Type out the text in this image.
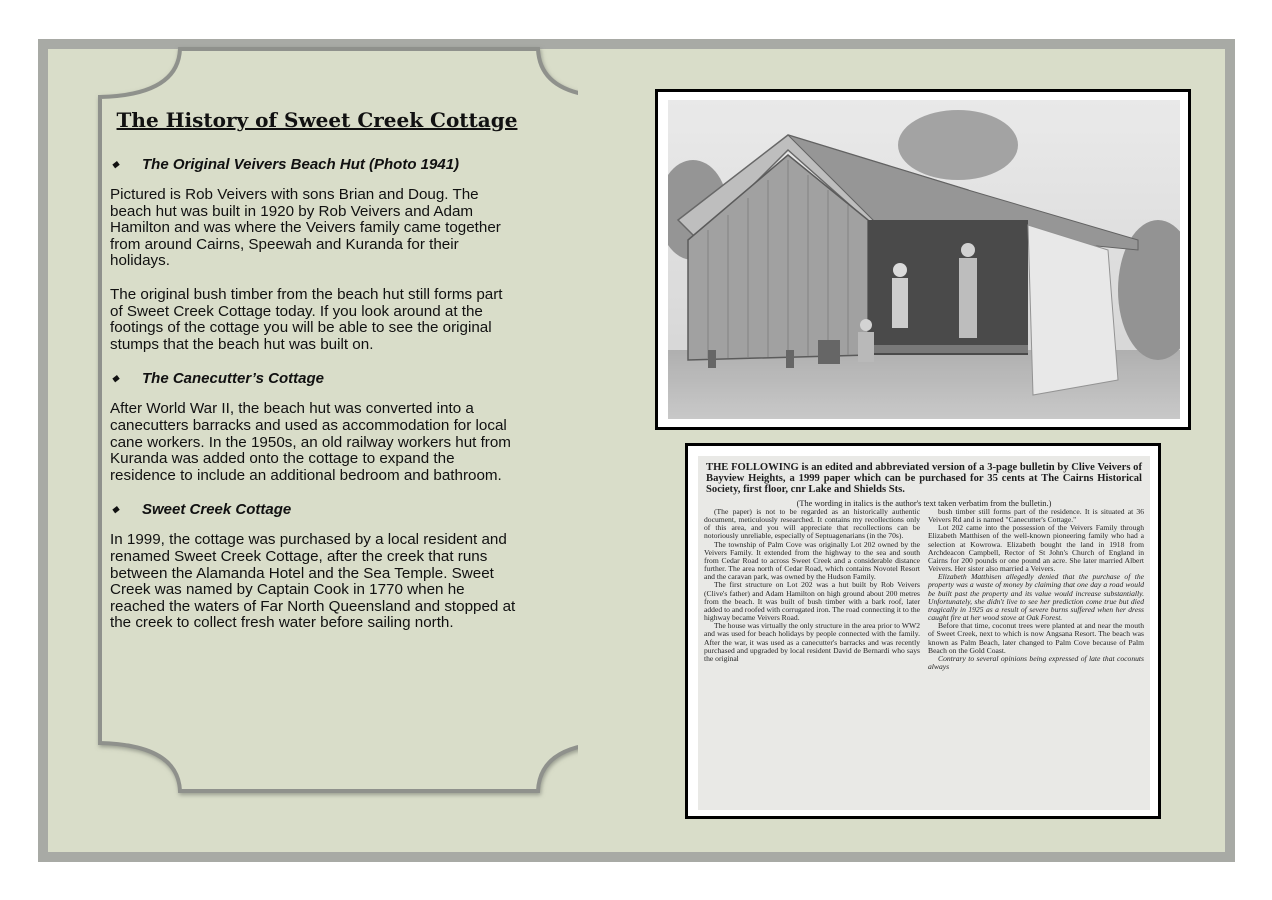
The History of Sweet Creek Cottage
◆	The Original Veivers Beach Hut (Photo 1941)

Pictured is Rob Veivers with sons Brian and Doug. The beach hut was built in 1920 by Rob Veivers and Adam Hamilton and was where the Veivers family came together from around Cairns, Speewah and Kuranda for their holidays.

The original bush timber from the beach hut still forms part of Sweet Creek Cottage today. If you look around at the footings of the cottage you will be able to see the original stumps that the beach hut was built on.

◆	The Canecutter’s Cottage

After World War II, the beach hut was converted into a canecutters barracks and used as accommodation for local cane workers. In the 1950s, an old railway workers hut from Kuranda was added onto the cottage to expand the residence to include an additional bedroom and bathroom.

◆	Sweet Creek Cottage

In 1999, the cottage was purchased by a local resident and renamed Sweet Creek Cottage, after the creek that runs between the Alamanda Hotel and the Sea Temple. Sweet Creek was named by Captain Cook in 1770 when he reached the waters of Far North Queensland and stopped at the creek to collect fresh water before sailing north.

THE FOLLOWING is an edited and abbreviated version of a 3-page bulletin by Clive Veivers of Bayview Heights, a 1999 paper which can be purchased for 35 cents at The Cairns Historical Society, first floor, cnr Lake and Shields Sts.
(The wording in italics is the author's text taken verbatim from the bulletin.)

(The paper) is not to be regarded as an historically authentic document, meticulously researched. It contains my recollections only of this area, and you will appreciate that recollections can be notoriously unreliable, especially of Septuagenarians (in the 70s).

The township of Palm Cove was originally Lot 202 owned by the Veivers Family. It extended from the highway to the sea and south from Cedar Road to across Sweet Creek and a considerable distance further. The area north of Cedar Road, which contains Novotel Resort and the caravan park, was owned by the Hudson Family.

The first structure on Lot 202 was a hut built by Rob Veivers (Clive's father) and Adam Hamilton on high ground about 200 metres from the beach. It was built of bush timber with a bark roof, later added to and roofed with corrugated iron. The road connecting it to the highway became Veivers Road.

The house was virtually the only structure in the area prior to WW2 and was used for beach holidays by people connected with the family. After the war, it was used as a canecutter's barracks and was recently purchased and upgraded by local resident David de Bernardi who says the original

bush timber still forms part of the residence. It is situated at 36 Veivers Rd and is named "Canecutter's Cottage."

Lot 202 came into the possession of the Veivers Family through Elizabeth Matthisen of the well-known pioneering family who had a selection at Kowrowa. Elizabeth bought the land in 1918 from Archdeacon Campbell, Rector of St John's Church of England in Cairns for 200 pounds or one pound an acre. She later married Albert Veivers. Her sister also married a Veivers.

Elizabeth Matthisen allegedly denied that the purchase of the property was a waste of money by claiming that one day a road would be built past the property and its value would increase substantially. Unfortunately, she didn't live to see her prediction come true but died tragically in 1925 as a result of severe burns suffered when her dress caught fire at her wood stove at Oak Forest.

Before that time, coconut trees were planted at and near the mouth of Sweet Creek, next to which is now Angsana Resort. The beach was known as Palm Beach, later changed to Palm Cove because of Palm Beach on the Gold Coast.

Contrary to several opinions being expressed of late that coconuts always
